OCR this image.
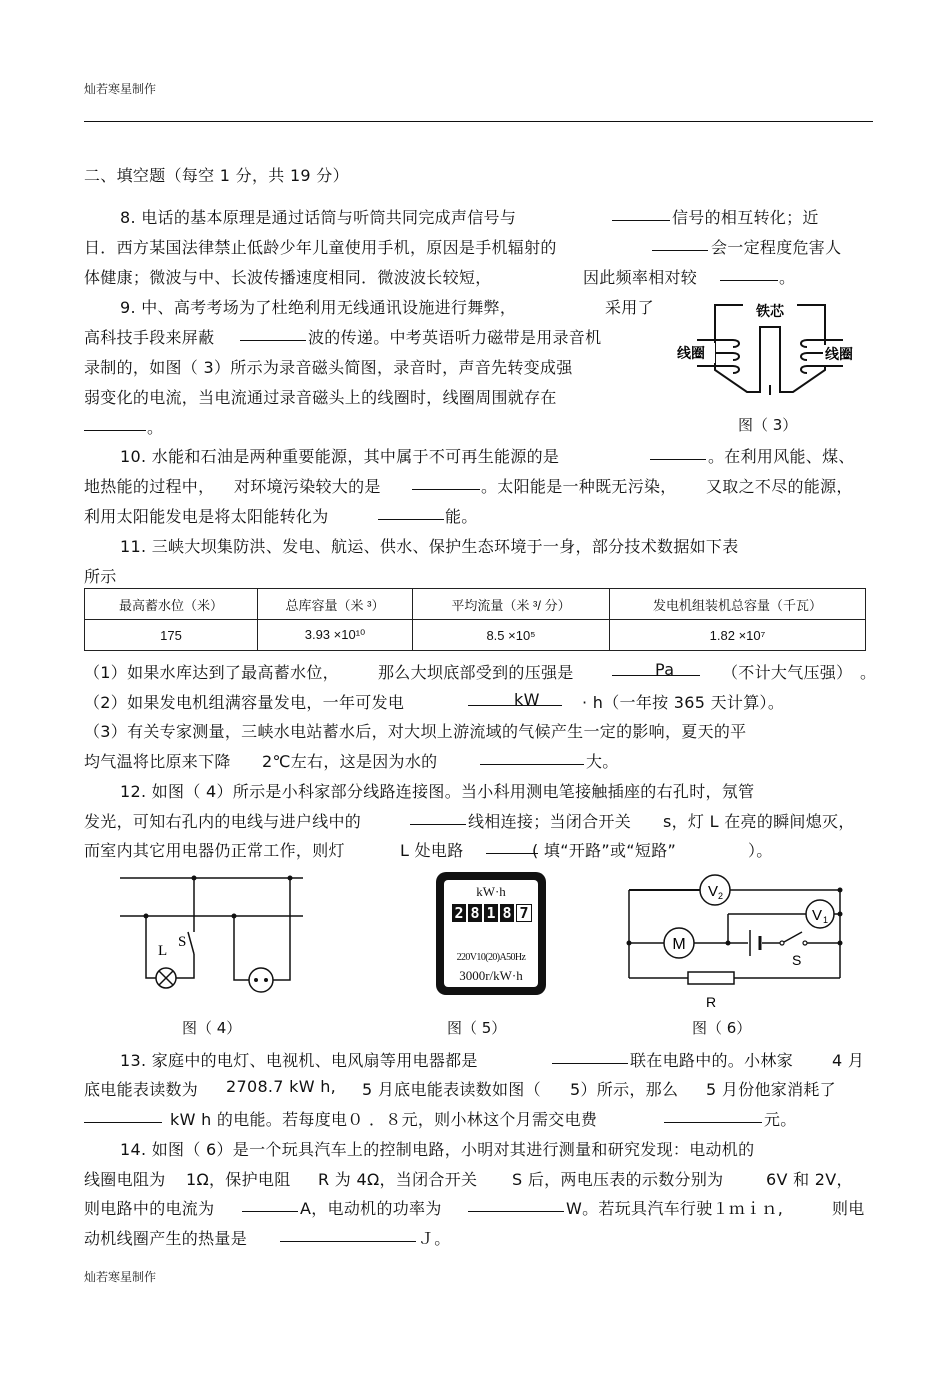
灿若寒星制作
二、填空题（每空 1 分，共 19 分）
8. 电话的基本原理是通过话筒与听筒共同完成声信号与	信号的相互转化；近
日．西方某国法律禁止低龄少年儿童使用手机，原因是手机辐射的	会一定程度危害人
体健康；微波与中、长波传播速度相同．微波波长较短，	因此频率相对较	。
9. 中、高考考场为了杜绝利用无线通讯设施进行舞弊，	采用了
高科技手段来屏蔽	波的传递。中考英语听力磁带是用录音机
录制的，如图（ 3）所示为录音磁头简图，录音时，声音先转变成强
弱变化的电流，当电流通过录音磁头上的线圈时，线圈周围就存在
。
铁芯
线圈	线圈
图（ 3）
10. 水能和石油是两种重要能源，其中属于不可再生能源的是	。在利用风能、煤、
地热能的过程中， 对环境污染较大的是	。太阳能是一种既无污染， 又取之不尽的能源，
利用太阳能发电是将太阳能转化为	能。
11. 三峡大坝集防洪、发电、航运、供水、保护生态环境于一身，部分技术数据如下表
所示
最高蓄水位（米）	总库容量（米 ³）	平均流量（米 ³/ 分）	发电机组装机总容量（千瓦）
175	3.93 ×10¹⁰	8.5 ×10⁵	1.82 ×10⁷
（1）如果水库达到了最高蓄水位， 那么大坝底部受到的压强是	Pa	（不计大气压强） 。
（2）如果发电机组满容量发电，一年可发电	kW	· h（一年按 365 天计算）。
（3）有关专家测量，三峡水电站蓄水后，对大坝上游流域的气候产生一定的影响，夏天的平
均气温将比原来下降 2℃左右，这是因为水的	大。
12. 如图（ 4）所示是小科家部分线路连接图。当小科用测电笔接触插座的右孔时，氖管
发光，可知右孔内的电线与进户线中的	线相连接；当闭合开关 s，灯 L 在亮的瞬间熄灭，
而室内其它用电器仍正常工作，则灯	L 处电路	( 填“开路”或“短路”	）。
L
S
图（ 4）
kW·h
2 8 1 8 7
220V10(20)A50Hz
3000r/kW·h
图（ 5）
V 2
V 1
M
S
R
图（ 6）
13. 家庭中的电灯、电视机、电风扇等用电器都是	联在电路中的。小林家 4 月
底电能表读数为 2708.7 kW h, 5 月底电能表读数如图（ 5）所示，那么 5 月份他家消耗了
kW h 的电能。若每度电０ ．８元，则小林这个月需交电费	元。
14. 如图（ 6）是一个玩具汽车上的控制电路，小明对其进行测量和研究发现：电动机的
线圈电阻为 1Ω，保护电阻 R 为 4Ω，当闭合开关 S 后，两电压表的示数分别为	6V 和 2V，
则电路中的电流为	A，电动机的功率为	W。若玩具汽车行驶１ｍｉｎ,	则电
动机线圈产生的热量是	Ｊ。
灿若寒星制作
